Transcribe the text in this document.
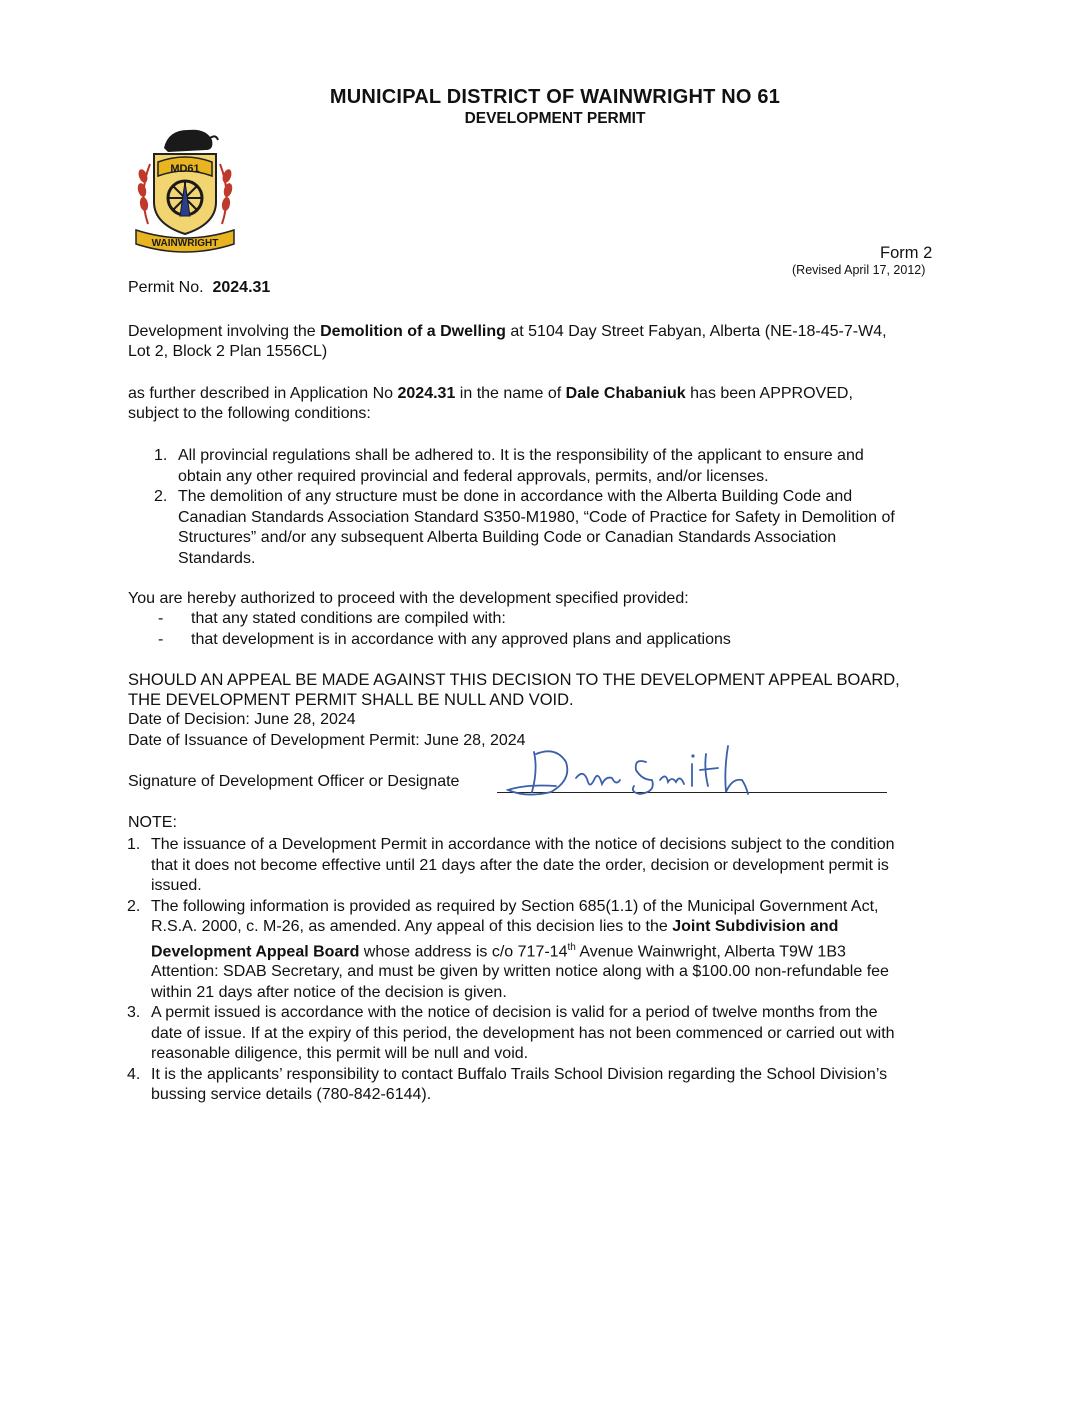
MUNICIPAL DISTRICT OF WAINWRIGHT NO 61
DEVELOPMENT PERMIT
MD61
WAINWRIGHT
Form 2
(Revised April 17, 2012)
Permit No. 2024.31
Development involving the Demolition of a Dwelling at 5104 Day Street Fabyan, Alberta (NE-18-45-7-W4,
Lot 2, Block 2 Plan 1556CL)
as further described in Application No 2024.31 in the name of Dale Chabaniuk has been APPROVED,
subject to the following conditions:
1. All provincial regulations shall be adhered to. It is the responsibility of the applicant to ensure and
obtain any other required provincial and federal approvals, permits, and/or licenses.
2. The demolition of any structure must be done in accordance with the Alberta Building Code and
Canadian Standards Association Standard S350-M1980, “Code of Practice for Safety in Demolition of
Structures” and/or any subsequent Alberta Building Code or Canadian Standards Association
Standards.
You are hereby authorized to proceed with the development specified provided:
- that any stated conditions are compiled with:
- that development is in accordance with any approved plans and applications
SHOULD AN APPEAL BE MADE AGAINST THIS DECISION TO THE DEVELOPMENT APPEAL BOARD,
THE DEVELOPMENT PERMIT SHALL BE NULL AND VOID.
Date of Decision: June 28, 2024
Date of Issuance of Development Permit: June 28, 2024
Signature of Development Officer or Designate
NOTE:
1. The issuance of a Development Permit in accordance with the notice of decisions subject to the condition
that it does not become effective until 21 days after the date the order, decision or development permit is
issued.
2. The following information is provided as required by Section 685(1.1) of the Municipal Government Act,
R.S.A. 2000, c. M-26, as amended. Any appeal of this decision lies to the Joint Subdivision and
Development Appeal Board whose address is c/o 717-14th Avenue Wainwright, Alberta T9W 1B3
Attention: SDAB Secretary, and must be given by written notice along with a $100.00 non-refundable fee
within 21 days after notice of the decision is given.
3. A permit issued is accordance with the notice of decision is valid for a period of twelve months from the
date of issue. If at the expiry of this period, the development has not been commenced or carried out with
reasonable diligence, this permit will be null and void.
4. It is the applicants’ responsibility to contact Buffalo Trails School Division regarding the School Division’s
bussing service details (780-842-6144).
